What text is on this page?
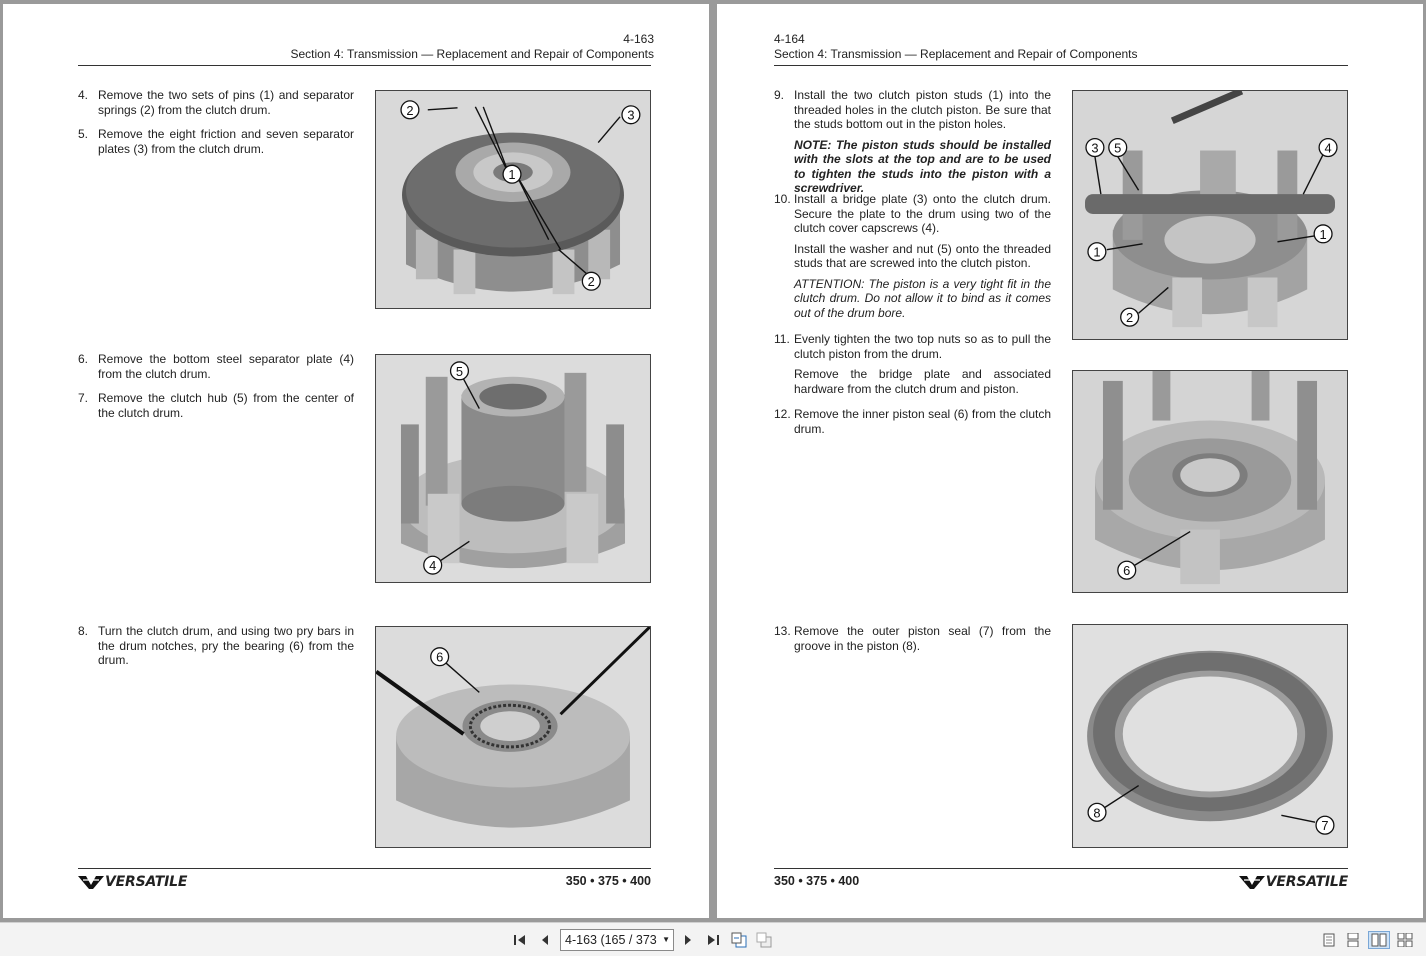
4-163
Section 4: Transmission — Replacement and Repair of Components
4. Remove the two sets of pins (1) and separator springs (2) from the clutch drum.
5. Remove the eight friction and seven separator plates (3) from the clutch drum.
6. Remove the bottom steel separator plate (4) from the clutch drum.
7. Remove the clutch hub (5) from the center of the clutch drum.
8. Turn the clutch drum, and using two pry bars in the drum notches, pry the bearing (6) from the drum.
2	3
1
2
5
4
6
VERSATILE	350 • 375 • 400
4-164
Section 4: Transmission — Replacement and Repair of Components
9. Install the two clutch piston studs (1) into the threaded holes in the clutch piston. Be sure that the studs bottom out in the piston holes.

NOTE: The piston studs should be installed with the slots at the top and are to be used to tighten the studs into the piston with a screwdriver.

10. Install a bridge plate (3) onto the clutch drum. Secure the plate to the drum using two of the clutch cover capscrews (4).

Install the washer and nut (5) onto the threaded studs that are screwed into the clutch piston.

ATTENTION: The piston is a very tight fit in the clutch drum. Do not allow it to bind as it comes out of the drum bore.

11. Evenly tighten the two top nuts so as to pull the clutch piston from the drum.

Remove the bridge plate and associated hardware from the clutch drum and piston.

12. Remove the inner piston seal (6) from the clutch drum.
13. Remove the outer piston seal (7) from the groove in the piston (8).
3 5	4
1
1
2
6
8
7
350 • 375 • 400	VERSATILE
4-163 (165 / 373 ▼
